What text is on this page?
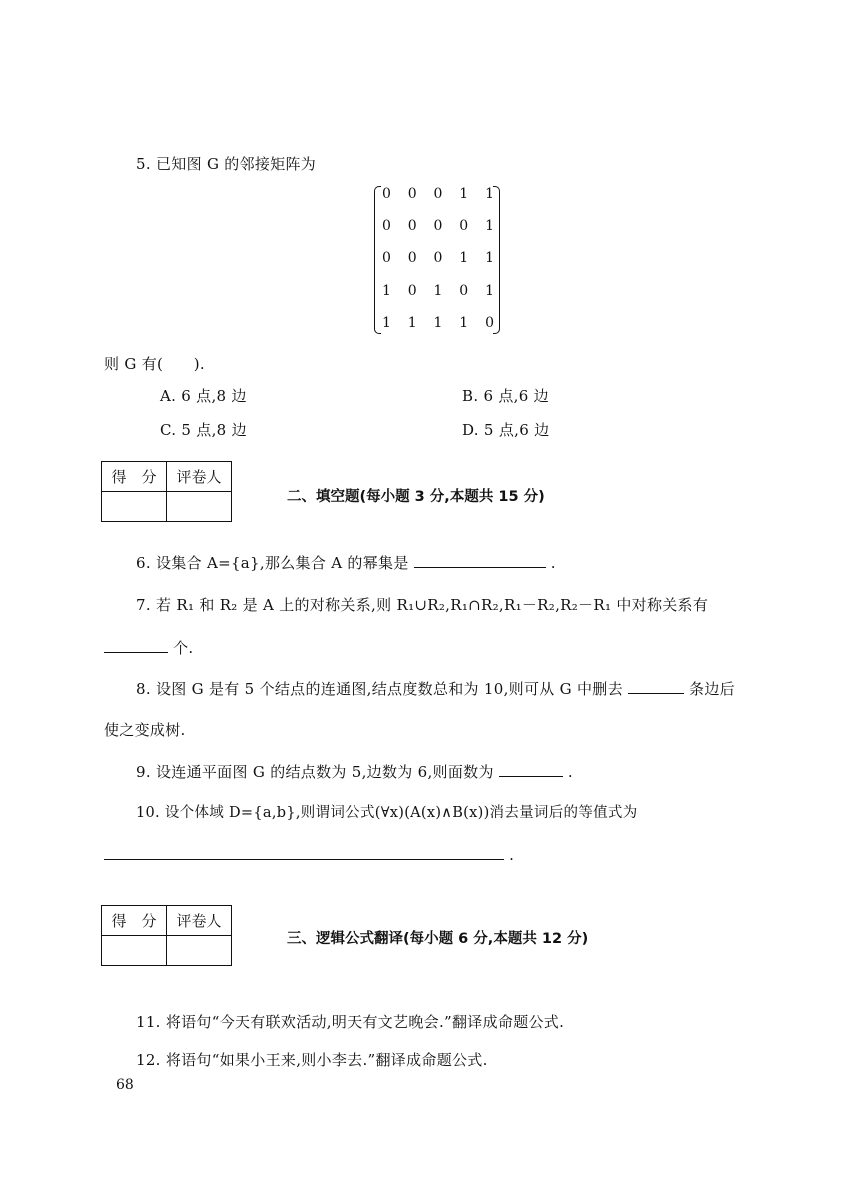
5. 已知图 G 的邻接矩阵为
0 0 0 1 1
0 0 0 0 1
0 0 0 1 1
1 0 1 0 1
1 1 1 1 0
则 G 有(　　).
A. 6 点,8 边	B. 6 点,6 边
C. 5 点,8 边	D. 5 点,6 边
得　分	评卷人

二、填空题(每小题 3 分,本题共 15 分)
6. 设集合 A={a},那么集合 A 的幂集是	.
7. 若 R₁ 和 R₂ 是 A 上的对称关系,则 R₁∪R₂,R₁∩R₂,R₁－R₂,R₂－R₁ 中对称关系有
个.
8. 设图 G 是有 5 个结点的连通图,结点度数总和为 10,则可从 G 中删去	条边后
使之变成树.
9. 设连通平面图 G 的结点数为 5,边数为 6,则面数为	.
10. 设个体域 D={a,b},则谓词公式(∀x)(A(x)∧B(x))消去量词后的等值式为
.
得　分	评卷人

三、逻辑公式翻译(每小题 6 分,本题共 12 分)
11. 将语句“今天有联欢活动,明天有文艺晚会.”翻译成命题公式.
12. 将语句“如果小王来,则小李去.”翻译成命题公式.
68
